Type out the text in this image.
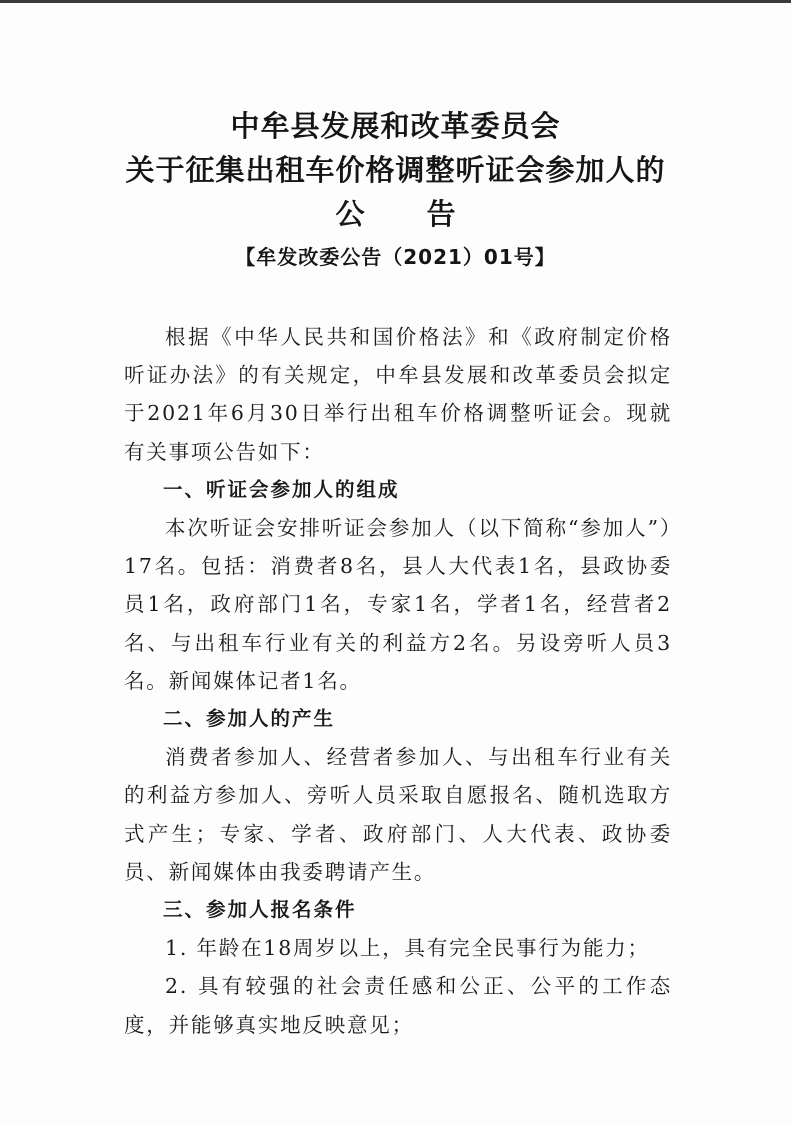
中牟县发展和改革委员会
关于征集出租车价格调整听证会参加人的
公告
【牟发改委公告（2021）01号】

根据《中华人民共和国价格法》和《政府制定价格听证办法》的有关规定，中牟县发展和改革委员会拟定于2021年6月30日举行出租车价格调整听证会。现就有关事项公告如下：

一、听证会参加人的组成

本次听证会安排听证会参加人（以下简称“参加人”）17名。包括：消费者8名，县人大代表1名，县政协委员1名，政府部门1名，专家1名，学者1名，经营者2名、与出租车行业有关的利益方2名。另设旁听人员3名。新闻媒体记者1名。

二、参加人的产生

消费者参加人、经营者参加人、与出租车行业有关的利益方参加人、旁听人员采取自愿报名、随机选取方式产生；专家、学者、政府部门、人大代表、政协委员、新闻媒体由我委聘请产生。

三、参加人报名条件

1. 年龄在18周岁以上，具有完全民事行为能力；

2. 具有较强的社会责任感和公正、公平的工作态度，并能够真实地反映意见；
